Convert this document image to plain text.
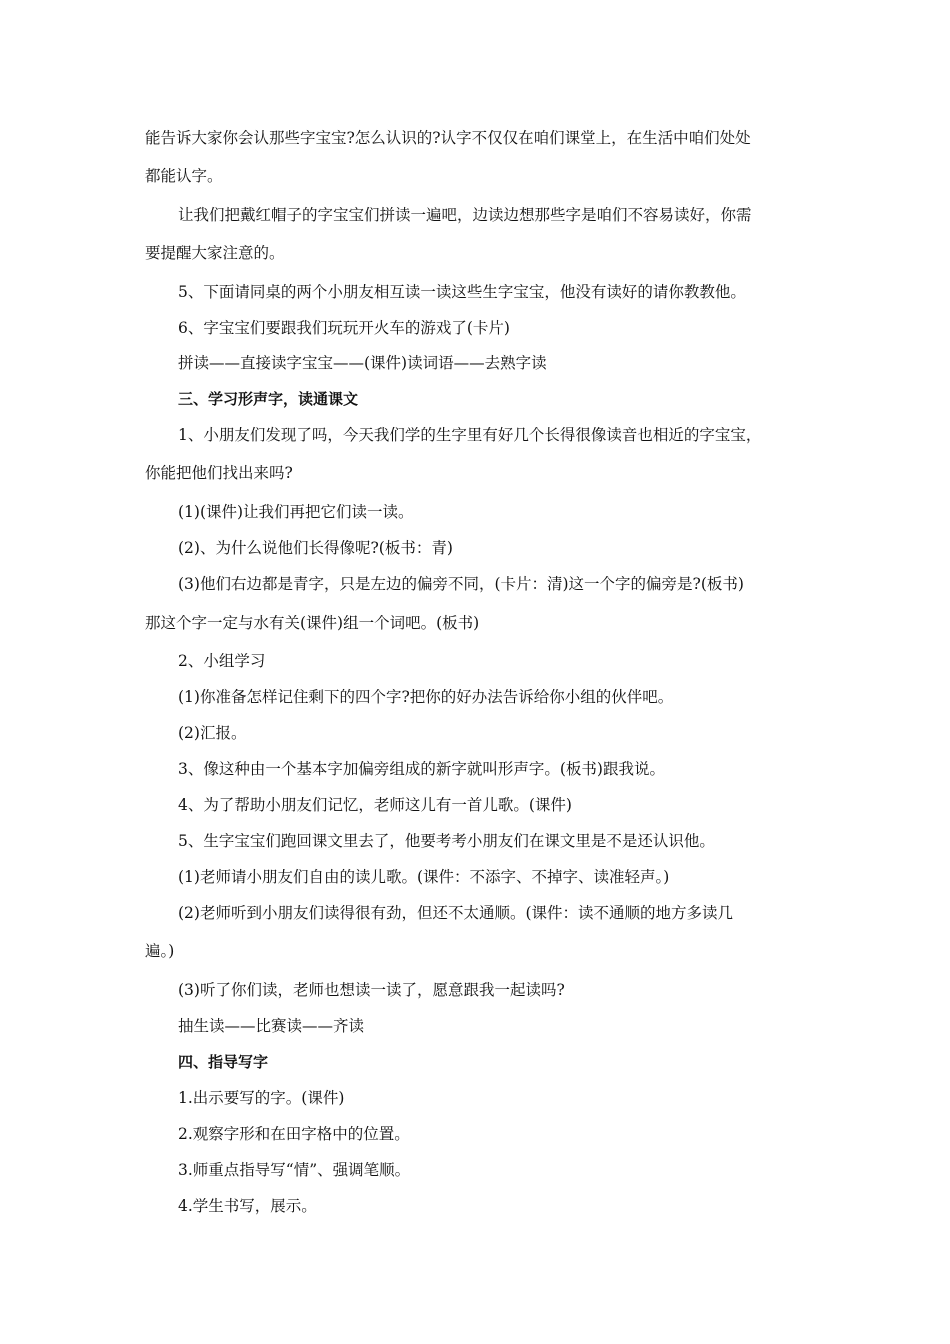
能告诉大家你会认那些字宝宝?怎么认识的?认字不仅仅在咱们课堂上，在生活中咱们处处
都能认字。
让我们把戴红帽子的字宝宝们拼读一遍吧，边读边想那些字是咱们不容易读好，你需
要提醒大家注意的。
5、下面请同桌的两个小朋友相互读一读这些生字宝宝，他没有读好的请你教教他。
6、字宝宝们要跟我们玩玩开火车的游戏了(卡片)
拼读——直接读字宝宝——(课件)读词语——去熟字读
三、学习形声字，读通课文
1、小朋友们发现了吗，今天我们学的生字里有好几个长得很像读音也相近的字宝宝，
你能把他们找出来吗?
(1)(课件)让我们再把它们读一读。
(2)、为什么说他们长得像呢?(板书：青)
(3)他们右边都是青字，只是左边的偏旁不同，(卡片：清)这一个字的偏旁是?(板书)
那这个字一定与水有关(课件)组一个词吧。(板书)
2、小组学习
(1)你准备怎样记住剩下的四个字?把你的好办法告诉给你小组的伙伴吧。
(2)汇报。
3、像这种由一个基本字加偏旁组成的新字就叫形声字。(板书)跟我说。
4、为了帮助小朋友们记忆，老师这儿有一首儿歌。(课件)
5、生字宝宝们跑回课文里去了，他要考考小朋友们在课文里是不是还认识他。
(1)老师请小朋友们自由的读儿歌。(课件：不添字、不掉字、读准轻声。)
(2)老师听到小朋友们读得很有劲，但还不太通顺。(课件：读不通顺的地方多读几
遍。)
(3)听了你们读，老师也想读一读了，愿意跟我一起读吗?
抽生读——比赛读——齐读
四、指导写字
1.出示要写的字。(课件)
2.观察字形和在田字格中的位置。
3.师重点指导写“情”、强调笔顺。
4.学生书写，展示。
